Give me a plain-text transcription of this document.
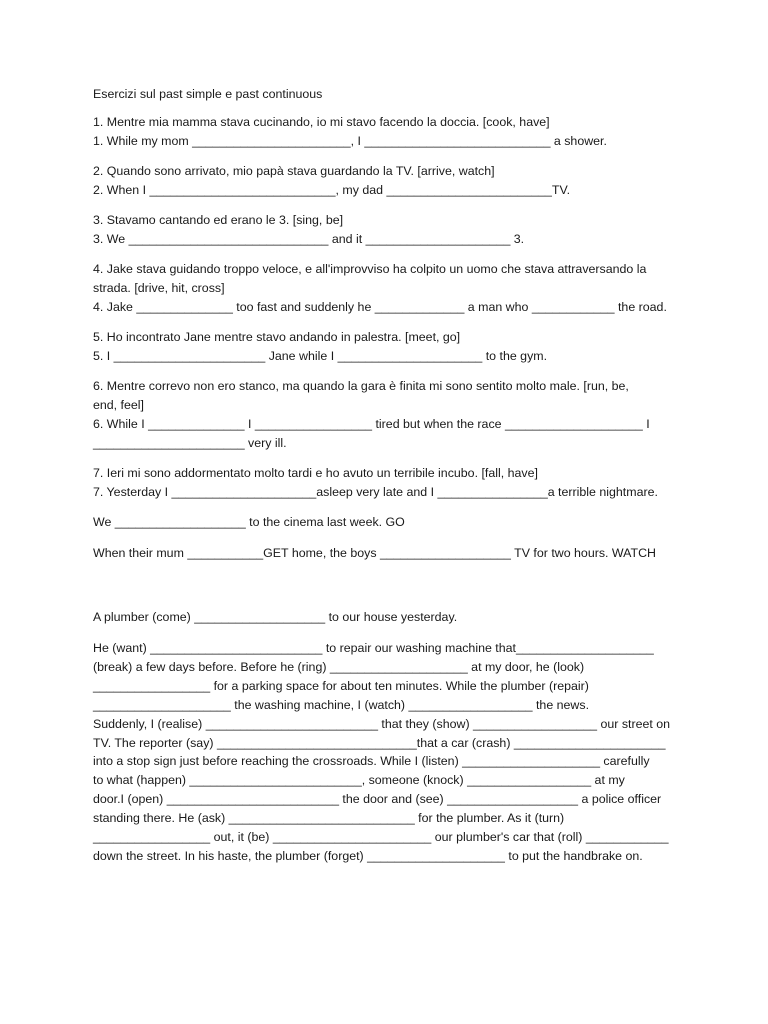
Esercizi sul past simple e past continuous
1. Mentre mia mamma stava cucinando, io mi stavo facendo la doccia. [cook, have]
1. While my mom _______________________, I ___________________________ a shower.
2. Quando sono arrivato, mio papà stava guardando la TV. [arrive, watch]
2. When I ___________________________, my dad ________________________TV.
3. Stavamo cantando ed erano le 3. [sing, be]
3. We _____________________________ and it _____________________ 3.
4. Jake stava guidando troppo veloce, e all'improvviso ha colpito un uomo che stava attraversando la
strada. [drive, hit, cross]
4. Jake ______________ too fast and suddenly he _____________ a man who ____________ the road.
5. Ho incontrato Jane mentre stavo andando in palestra. [meet, go]
5. I ______________________ Jane while I _____________________ to the gym.
6. Mentre correvo non ero stanco, ma quando la gara è finita mi sono sentito molto male. [run, be,
end, feel]
6. While I ______________ I _________________ tired but when the race ____________________ I
______________________ very ill.
7. Ieri mi sono addormentato molto tardi e ho avuto un terribile incubo. [fall, have]
7. Yesterday I _____________________asleep very late and I ________________a terrible nightmare.
We ___________________ to the cinema last week. GO
When their mum ___________GET home, the boys ___________________ TV for two hours. WATCH
A plumber (come) ___________________ to our house yesterday.

He (want) _________________________ to repair our washing machine that____________________

(break) a few days before. Before he (ring) ____________________ at my door, he (look)

_________________ for a parking space for about ten minutes. While the plumber (repair)

____________________ the washing machine, I (watch) __________________ the news.

Suddenly, I (realise) _________________________ that they (show) __________________ our street on

TV. The reporter (say) _____________________________that a car (crash) ______________________

into a stop sign just before reaching the crossroads. While I (listen) ____________________ carefully

to what (happen) _________________________, someone (knock) __________________ at my

door.I (open) _________________________ the door and (see) ___________________ a police officer

standing there. He (ask) ___________________________ for the plumber. As it (turn)

_________________ out, it (be) _______________________ our plumber's car that (roll) ____________

down the street. In his haste, the plumber (forget) ____________________ to put the handbrake on.
